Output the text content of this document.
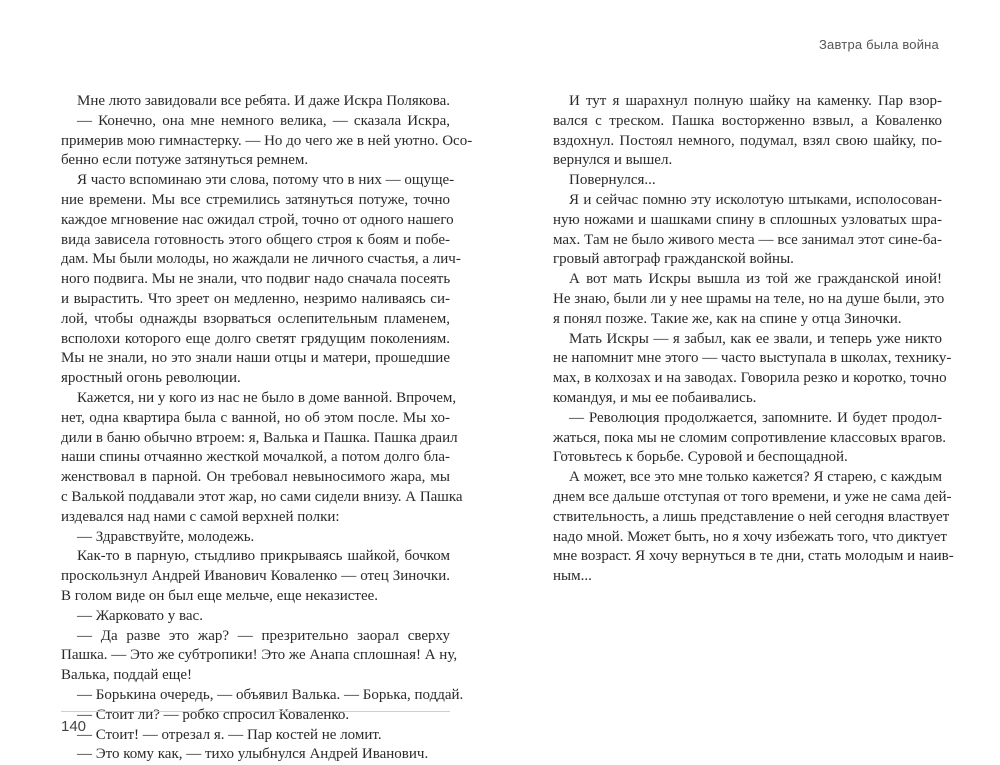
Завтра была война
Мне люто завидовали все ребята. И даже Искра Полякова.
— Конечно, она мне немного велика, — сказала Искра,
примерив мою гимнастерку. — Но до чего же в ней уютно. Осо-
бенно если потуже затянуться ремнем.
Я часто вспоминаю эти слова, потому что в них — ощуще-
ние времени. Мы все стремились затянуться потуже, точно
каждое мгновение нас ожидал строй, точно от одного нашего
вида зависела готовность этого общего строя к боям и побе-
дам. Мы были молоды, но жаждали не личного счастья, а лич-
ного подвига. Мы не знали, что подвиг надо сначала посеять
и вырастить. Что зреет он медленно, незримо наливаясь си-
лой, чтобы однажды взорваться ослепительным пламенем,
всполохи которого еще долго светят грядущим поколениям.
Мы не знали, но это знали наши отцы и матери, прошедшие
яростный огонь революции.
Кажется, ни у кого из нас не было в доме ванной. Впрочем,
нет, одна квартира была с ванной, но об этом после. Мы хо-
дили в баню обычно втроем: я, Валька и Пашка. Пашка драил
наши спины отчаянно жесткой мочалкой, а потом долго бла-
женствовал в парной. Он требовал невыносимого жара, мы
с Валькой поддавали этот жар, но сами сидели внизу. А Пашка
издевался над нами с самой верхней полки:
— Здравствуйте, молодежь.
Как-то в парную, стыдливо прикрываясь шайкой, бочком
проскользнул Андрей Иванович Коваленко — отец Зиночки.
В голом виде он был еще мельче, еще неказистее.
— Жарковато у вас.
— Да разве это жар? — презрительно заорал сверху
Пашка. — Это же субтропики! Это же Анапа сплошная! А ну,
Валька, поддай еще!
— Борькина очередь, — объявил Валька. — Борька, поддай.
— Стоит ли? — робко спросил Коваленко.
— Стоит! — отрезал я. — Пар костей не ломит.
— Это кому как, — тихо улыбнулся Андрей Иванович.
И тут я шарахнул полную шайку на каменку. Пар взор-
вался с треском. Пашка восторженно взвыл, а Коваленко
вздохнул. Постоял немного, подумал, взял свою шайку, по-
вернулся и вышел.
Повернулся...
Я и сейчас помню эту исколотую штыками, исполосован-
ную ножами и шашками спину в сплошных узловатых шра-
мах. Там не было живого места — все занимал этот сине-ба-
гровый автограф гражданской войны.
А вот мать Искры вышла из той же гражданской иной!
Не знаю, были ли у нее шрамы на теле, но на душе были, это
я понял позже. Такие же, как на спине у отца Зиночки.
Мать Искры — я забыл, как ее звали, и теперь уже никто
не напомнит мне этого — часто выступала в школах, технику-
мах, в колхозах и на заводах. Говорила резко и коротко, точно
командуя, и мы ее побаивались.
— Революция продолжается, запомните. И будет продол-
жаться, пока мы не сломим сопротивление классовых врагов.
Готовьтесь к борьбе. Суровой и беспощадной.
А может, все это мне только кажется? Я старею, с каждым
днем все дальше отступая от того времени, и уже не сама дей-
ствительность, а лишь представление о ней сегодня властвует
надо мной. Может быть, но я хочу избежать того, что диктует
мне возраст. Я хочу вернуться в те дни, стать молодым и наив-
ным...
140
